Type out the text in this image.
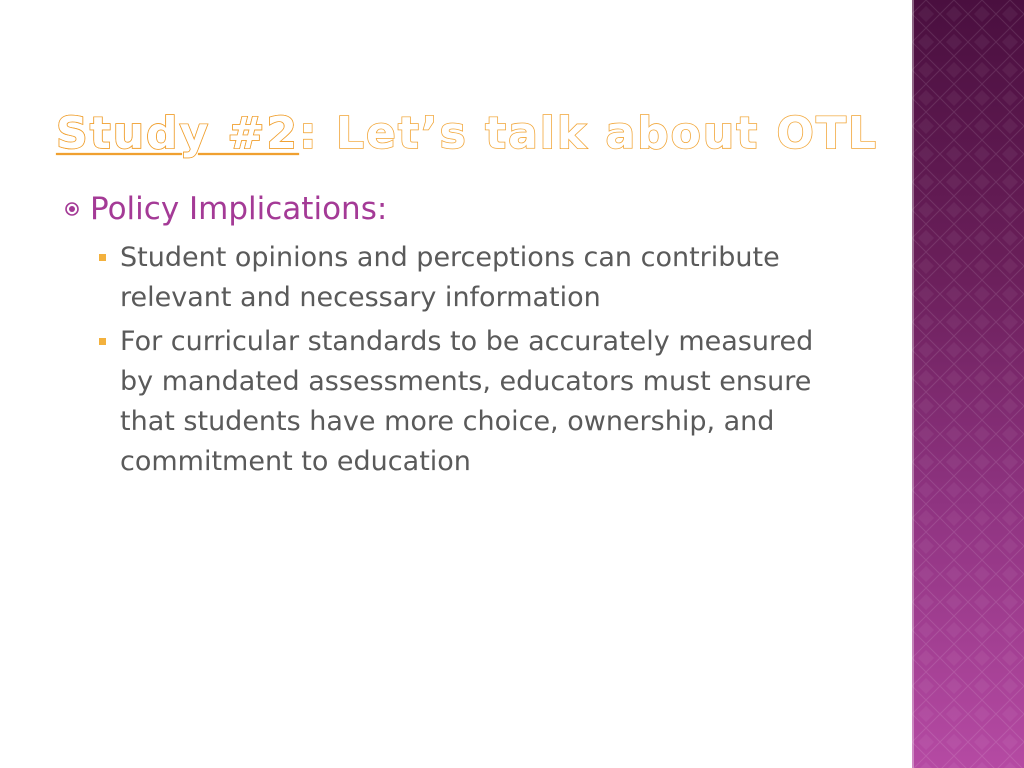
Study #2: Let’s talk about OTL
Policy Implications:
Student opinions and perceptions can contribute relevant and necessary information
For curricular standards to be accurately measured by mandated assessments, educators must ensure that students have more choice, ownership, and commitment to education
